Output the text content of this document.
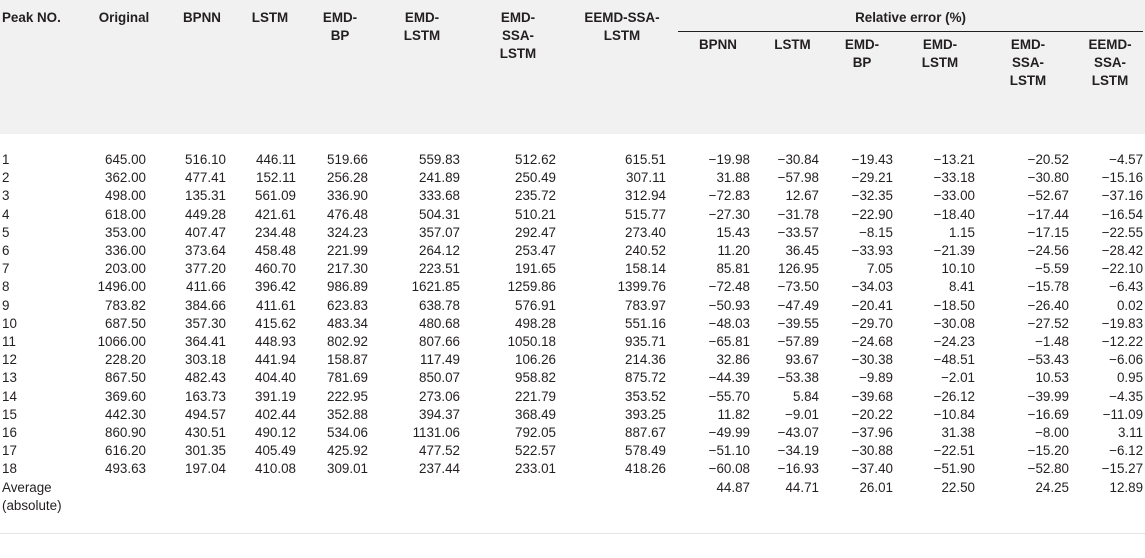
Peak NO.	Original	BPNN	LSTM	EMD-BP	EMD-LSTM	EMD-SSA-LSTM	EEMD-SSA-LSTM	Relative error (%)					

								BPNN	LSTM	EMD-BP	EMD-LSTM	EMD-SSA-LSTM	EEMD-SSA-LSTM

1	645.00	516.10	446.11	519.66	559.83	512.62	615.51	−19.98	−30.84	−19.43	−13.21	−20.52	−4.57
2	362.00	477.41	152.11	256.28	241.89	250.49	307.11	31.88	−57.98	−29.21	−33.18	−30.80	−15.16
3	498.00	135.31	561.09	336.90	333.68	235.72	312.94	−72.83	12.67	−32.35	−33.00	−52.67	−37.16
4	618.00	449.28	421.61	476.48	504.31	510.21	515.77	−27.30	−31.78	−22.90	−18.40	−17.44	−16.54
5	353.00	407.47	234.48	324.23	357.07	292.47	273.40	15.43	−33.57	−8.15	1.15	−17.15	−22.55
6	336.00	373.64	458.48	221.99	264.12	253.47	240.52	11.20	36.45	−33.93	−21.39	−24.56	−28.42
7	203.00	377.20	460.70	217.30	223.51	191.65	158.14	85.81	126.95	7.05	10.10	−5.59	−22.10
8	1496.00	411.66	396.42	986.89	1621.85	1259.86	1399.76	−72.48	−73.50	−34.03	8.41	−15.78	−6.43
9	783.82	384.66	411.61	623.83	638.78	576.91	783.97	−50.93	−47.49	−20.41	−18.50	−26.40	0.02
10	687.50	357.30	415.62	483.34	480.68	498.28	551.16	−48.03	−39.55	−29.70	−30.08	−27.52	−19.83
11	1066.00	364.41	448.93	802.92	807.66	1050.18	935.71	−65.81	−57.89	−24.68	−24.23	−1.48	−12.22
12	228.20	303.18	441.94	158.87	117.49	106.26	214.36	32.86	93.67	−30.38	−48.51	−53.43	−6.06
13	867.50	482.43	404.40	781.69	850.07	958.82	875.72	−44.39	−53.38	−9.89	−2.01	10.53	0.95
14	369.60	163.73	391.19	222.95	273.06	221.79	353.52	−55.70	5.84	−39.68	−26.12	−39.99	−4.35
15	442.30	494.57	402.44	352.88	394.37	368.49	393.25	11.82	−9.01	−20.22	−10.84	−16.69	−11.09
16	860.90	430.51	490.12	534.06	1131.06	792.05	887.67	−49.99	−43.07	−37.96	31.38	−8.00	3.11
17	616.20	301.35	405.49	425.92	477.52	522.57	578.49	−51.10	−34.19	−30.88	−22.51	−15.20	−6.12
18	493.63	197.04	410.08	309.01	237.44	233.01	418.26	−60.08	−16.93	−37.40	−51.90	−52.80	−15.27
Average (absolute)								44.87	44.71	26.01	22.50	24.25	12.89
